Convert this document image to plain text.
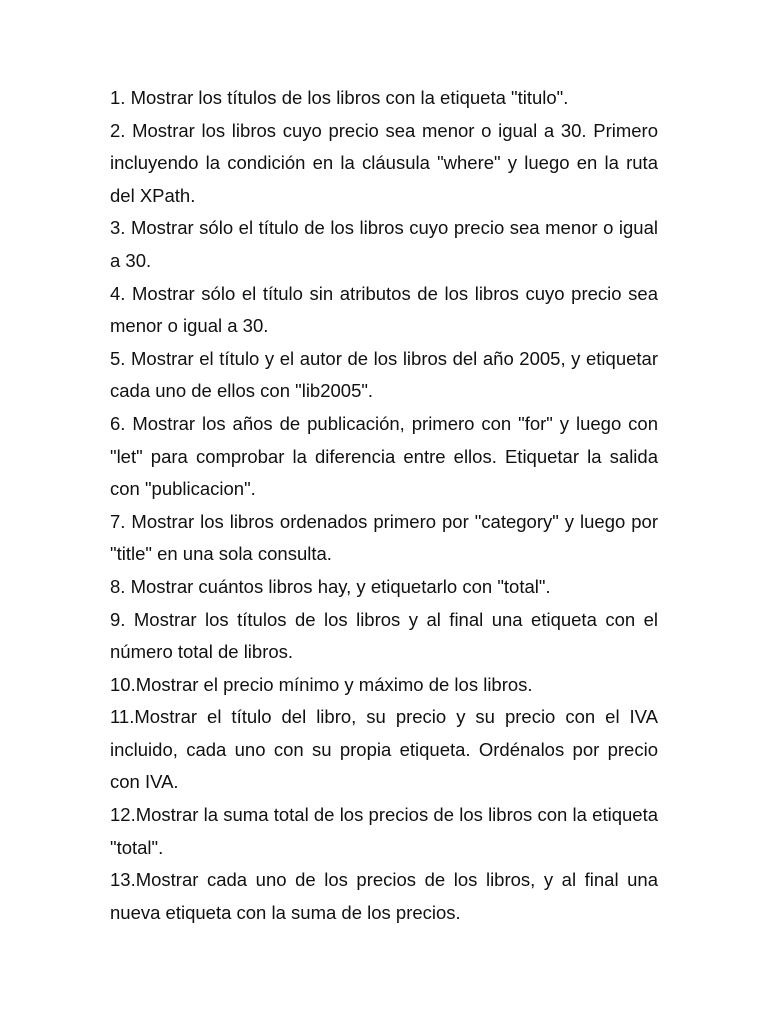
1. Mostrar los títulos de los libros con la etiqueta "titulo".

2. Mostrar los libros cuyo precio sea menor o igual a 30. Primero incluyendo la condición en la cláusula "where" y luego en la ruta del XPath.

3. Mostrar sólo el título de los libros cuyo precio sea menor o igual a 30.

4. Mostrar sólo el título sin atributos de los libros cuyo precio sea menor o igual a 30.

5. Mostrar el título y el autor de los libros del año 2005, y etiquetar cada uno de ellos con "lib2005".

6. Mostrar los años de publicación, primero con "for" y luego con "let" para comprobar la diferencia entre ellos. Etiquetar la salida con "publicacion".

7. Mostrar los libros ordenados primero por "category" y luego por "title" en una sola consulta.

8. Mostrar cuántos libros hay, y etiquetarlo con "total".

9. Mostrar los títulos de los libros y al final una etiqueta con el número total de libros.

10.Mostrar el precio mínimo y máximo de los libros.

11.Mostrar el título del libro, su precio y su precio con el IVA incluido, cada uno con su propia etiqueta. Ordénalos por precio con IVA.

12.Mostrar la suma total de los precios de los libros con la etiqueta "total".

13.Mostrar cada uno de los precios de los libros, y al final una nueva etiqueta con la suma de los precios.
